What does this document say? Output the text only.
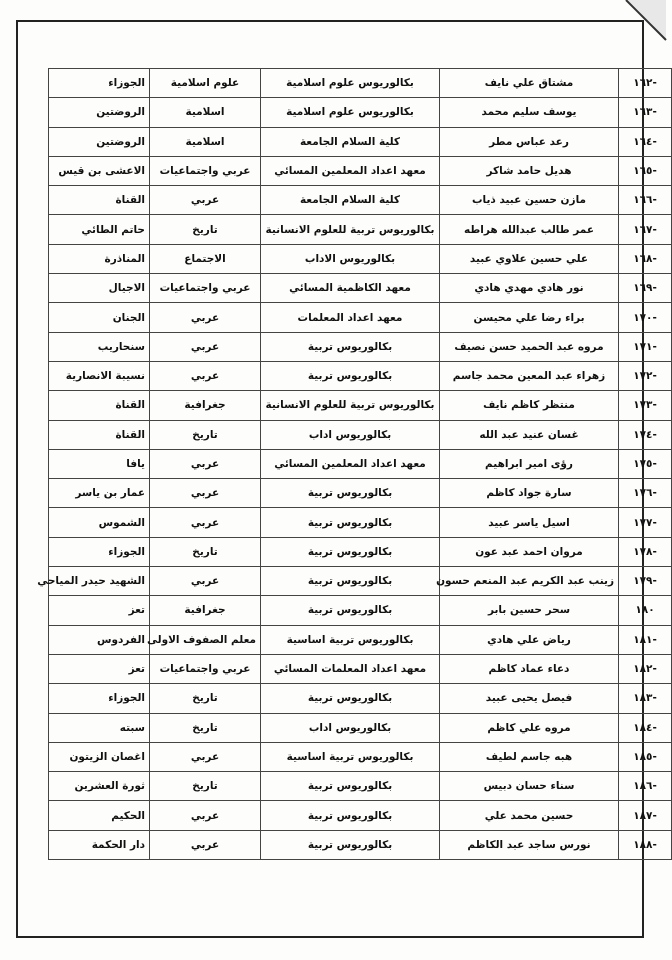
-١٦٢	مشتاق علي نايف	بكالوريوس علوم اسلامية	علوم اسلامية	الجوزاء
-١٦٣	يوسف سليم محمد	بكالوريوس علوم اسلامية	اسلامية	الروضتين
-١٦٤	رعد عباس مطر	كلية السلام الجامعة	اسلامية	الروضتين
-١٦٥	هديل حامد شاكر	معهد اعداد المعلمين المسائي	عربي واجتماعيات	الاعشى بن قيس
-١٦٦	مازن حسين عبيد ذياب	كلية السلام الجامعة	عربي	القناة
-١٦٧	عمر طالب عبدالله هراطه	بكالوريوس تربية للعلوم الانسانية	تاريخ	حاتم الطائي
-١٦٨	علي حسين علاوي عبيد	بكالوريوس الاداب	الاجتماع	المناذرة
-١٦٩	نور هادي مهدي هادي	معهد الكاظمية المسائي	عربي واجتماعيات	الاجيال
-١٧٠	براء رضا علي محيسن	معهد اعداد المعلمات	عربي	الجنان
-١٧١	مروه عبد الحميد حسن نصيف	بكالوريوس تربية	عربي	سنحاريب
-١٧٢	زهراء عبد المعين محمد جاسم	بكالوريوس تربية	عربي	نسيبة الانصارية
-١٧٣	منتظر كاظم نايف	بكالوريوس تربية للعلوم الانسانية	جغرافية	القناة
-١٧٤	غسان عنيد عبد الله	بكالوريوس اداب	تاريخ	القناة
-١٧٥	رؤى امير ابراهيم	معهد اعداد المعلمين المسائي	عربي	يافا
-١٧٦	سارة جواد كاظم	بكالوريوس تربية	عربي	عمار بن ياسر
-١٧٧	اسيل ياسر عبيد	بكالوريوس تربية	عربي	الشموس
-١٧٨	مروان احمد عبد عون	بكالوريوس تربية	تاريخ	الجوزاء
-١٧٩	زينب عبد الكريم عبد المنعم حسون	بكالوريوس تربية	عربي	الشهيد حيدر المياحي
١٨٠	سحر حسين بابر	بكالوريوس تربية	جغرافية	تعز
-١٨١	رياض علي هادي	بكالوريوس تربية اساسية	معلم الصفوف الاولى	الفردوس
-١٨٢	دعاء عماد كاظم	معهد اعداد المعلمات المسائي	عربي واجتماعيات	تعز
-١٨٣	فيصل يحيى عبيد	بكالوريوس تربية	تاريخ	الجوزاء
-١٨٤	مروه علي كاظم	بكالوريوس اداب	تاريخ	سبته
-١٨٥	هبه جاسم لطيف	بكالوريوس تربية اساسية	عربي	اغصان الزيتون
-١٨٦	سناء حسان دبيس	بكالوريوس تربية	تاريخ	ثورة العشرين
-١٨٧	حسين محمد علي	بكالوريوس تربية	عربي	الحكيم
-١٨٨	نورس ساجد عبد الكاظم	بكالوريوس تربية	عربي	دار الحكمة
